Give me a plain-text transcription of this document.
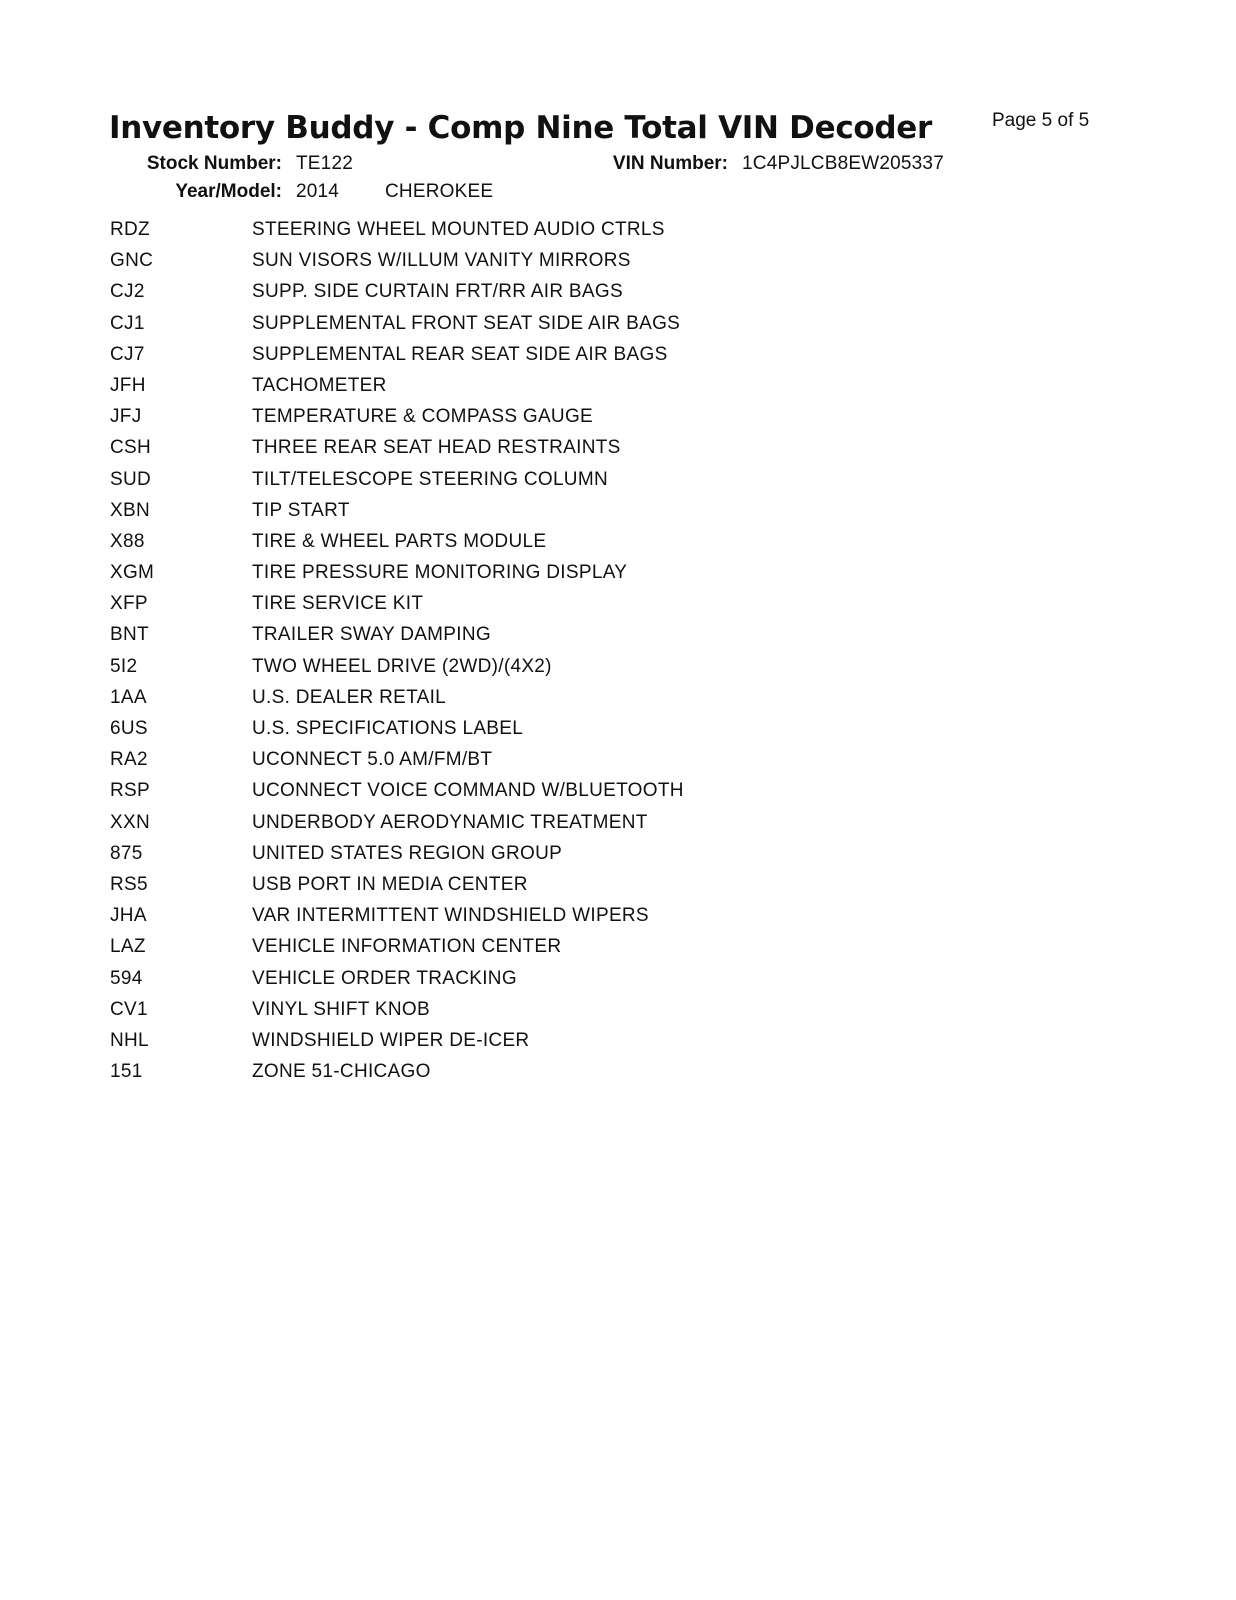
Inventory Buddy - Comp Nine Total VIN Decoder	Page 5 of 5
Stock Number: TE122	VIN Number: 1C4PJLCB8EW205337
Year/Model: 2014 CHEROKEE
RDZ	STEERING WHEEL MOUNTED AUDIO CTRLS
GNC	SUN VISORS W/ILLUM VANITY MIRRORS
CJ2	SUPP. SIDE CURTAIN FRT/RR AIR BAGS
CJ1	SUPPLEMENTAL FRONT SEAT SIDE AIR BAGS
CJ7	SUPPLEMENTAL REAR SEAT SIDE AIR BAGS
JFH	TACHOMETER
JFJ	TEMPERATURE & COMPASS GAUGE
CSH	THREE REAR SEAT HEAD RESTRAINTS
SUD	TILT/TELESCOPE STEERING COLUMN
XBN	TIP START
X88	TIRE & WHEEL PARTS MODULE
XGM	TIRE PRESSURE MONITORING DISPLAY
XFP	TIRE SERVICE KIT
BNT	TRAILER SWAY DAMPING
5I2	TWO WHEEL DRIVE (2WD)/(4X2)
1AA	U.S. DEALER RETAIL
6US	U.S. SPECIFICATIONS LABEL
RA2	UCONNECT 5.0 AM/FM/BT
RSP	UCONNECT VOICE COMMAND W/BLUETOOTH
XXN	UNDERBODY AERODYNAMIC TREATMENT
875	UNITED STATES REGION GROUP
RS5	USB PORT IN MEDIA CENTER
JHA	VAR INTERMITTENT WINDSHIELD WIPERS
LAZ	VEHICLE INFORMATION CENTER
594	VEHICLE ORDER TRACKING
CV1	VINYL SHIFT KNOB
NHL	WINDSHIELD WIPER DE-ICER
151	ZONE 51-CHICAGO
